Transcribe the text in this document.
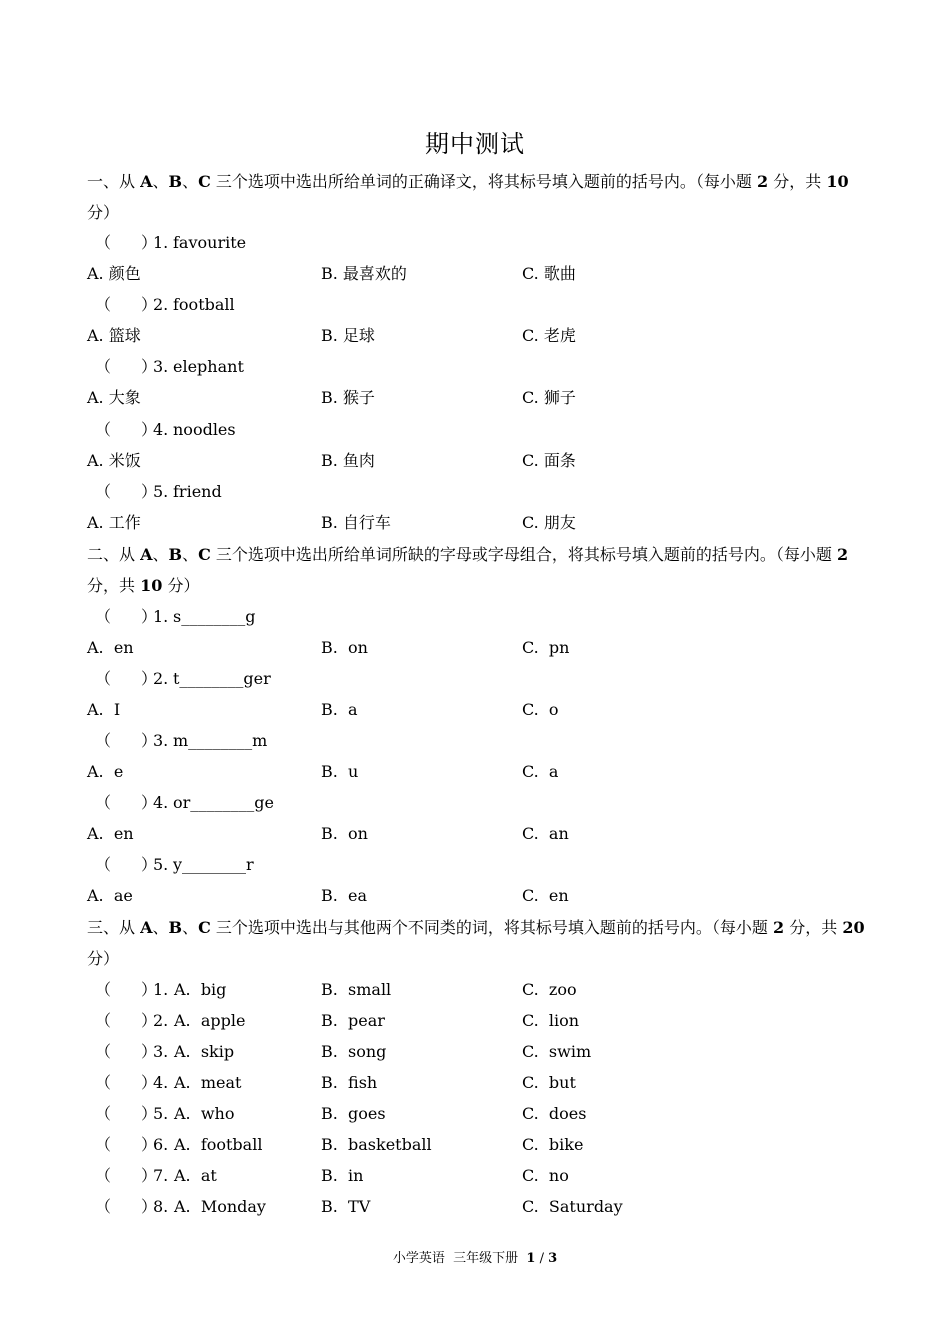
期中测试
一、从 A、B、C 三个选项中选出所给单词的正确译文，将其标号填入题前的括号内。（每小题 2 分，共 10 分）
（ ）1. favourite
A. 颜色	B. 最喜欢的	C. 歌曲
（ ）2. football
A. 篮球	B. 足球	C. 老虎
（ ）3. elephant
A. 大象	B. 猴子	C. 狮子
（ ）4. noodles
A. 米饭	B. 鱼肉	C. 面条
（ ）5. friend
A. 工作	B. 自行车	C. 朋友
二、从 A、B、C 三个选项中选出所给单词所缺的字母或字母组合，将其标号填入题前的括号内。（每小题 2 分，共 10 分）
（ ）1. s________g
A.  en	B.  on	C.  pn
（ ）2. t________ger
A.  I	B.  a	C.  o
（ ）3. m________m
A.  e	B.  u	C.  a
（ ）4. or________ge
A.  en	B.  on	C.  an
（ ）5. y________r
A.  ae	B.  ea	C.  en
三、从 A、B、C 三个选项中选出与其他两个不同类的词，将其标号填入题前的括号内。（每小题 2 分，共 20 分）
（ ）1. A.  big	B.  small	C.  zoo
（ ）2. A.  apple	B.  pear	C.  lion
（ ）3. A.  skip	B.  song	C.  swim
（ ）4. A.  meat	B.  fish	C.  but
（ ）5. A.  who	B.  goes	C.  does
（ ）6. A.  football	B.  basketball	C.  bike
（ ）7. A.  at	B.  in	C.  no
（ ）8. A.  Monday	B.  TV	C.  Saturday
小学英语  三年级下册  1 / 3
